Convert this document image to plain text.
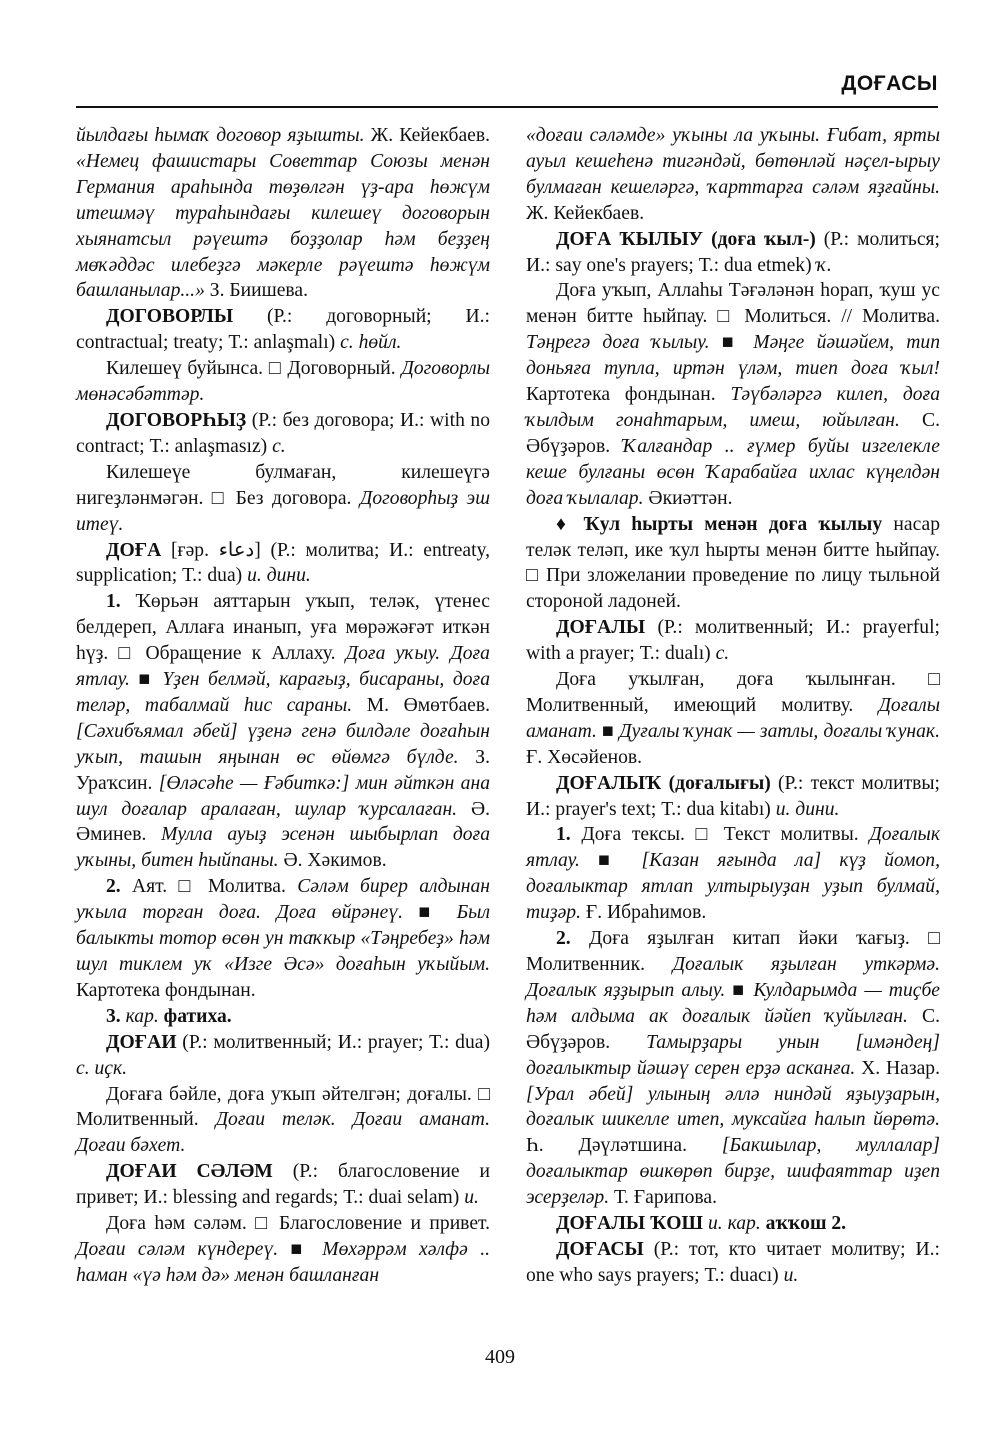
ДОҒАСЫ

йылдағы һымаҡ договор яҙышты. Ж. Кейекбаев. «Немец фашистары Советтар Союзы менән Германия араһында төҙөлгән үҙ-ара һөжүм итешмәү тураһындағы килешеү договорын хыянатсыл рәүештә боҙҙолар һәм беҙҙең мөҡәддәс илебеҙгә мәкерле рәүештә һөжүм башланылар...» З. Биишева.

ДОГОВОРЛЫ (Р.: договорный; И.: contractual; treaty; Т.: anlaşmalı) с. һөйл.

Килешеү буйынса. □ Договорный. Договорлы мөнәсәбәттәр.

ДОГОВОРҺЫҘ (Р.: без договора; И.: with no contract; Т.: anlaşmasız) с.

Килешеүе булмаған, килешеүгә нигеҙләнмәгән. □ Без договора. Договорһыҙ эш итеү.

ДОҒА [ғәр. دعاء] (Р.: молитва; И.: entreaty, supplication; Т.: dua) и. дини.

1. Ҡөрьән аяттарын уҡып, теләк, үтенес белдереп, Аллаға инанып, уға мөрәжәғәт иткән һүҙ. □ Обращение к Аллаху. Доға уҡыу. Доға ятлау. ■ Үҙен белмәй, карағыҙ, бисараны, доға теләр, табалмай һис сараны. М. Өмөтбаев. [Сәхибъямал әбей] үҙенә генә билдәле доғаһын уҡып, ташын яңынан өс өйөмгә бүлде. З. Ураҡсин. [Өләсәһе — Ғәбиткә:] мин әйткән ана шул доғалар аралаған, шулар ҡурсалаған. Ә. Әминев. Мулла ауыҙ эсенән шыбырлап доға уҡыны, битен һыйпаны. Ә. Хәкимов.

2. Аят. □ Молитва. Сәләм бирер алдынан уҡыла торған доға. Доға өйрәнеү. ■ Был балыкты тотор өсөн ун таҡкыр «Тәңребеҙ» һәм шул тиклем уҡ «Изге Әсә» доғаһын уҡыйым. Картотека фондынан.

3. кар. фатиха.

ДОҒАИ (Р.: молитвенный; И.: prayer; Т.: dua) с. иҫк.

Доғаға бәйле, доға уҡып әйтелгән; доғалы. □ Молитвенный. Доғаи теләк. Доғаи аманат. Доғаи бәхет.

ДОҒАИ СӘЛӘМ (Р.: благословение и привет; И.: blessing and regards; Т.: duai selam) и.

Доға һәм сәләм. □ Благословение и привет. Доғаи сәләм күндереү. ■ Мөхәррәм хәлфә .. һаман «үә һәм дә» менән башланған

«доғаи сәләмде» уҡыны ла уҡыны. Ғибат, ярты ауыл кешеһенә тигәндәй, бөтөнләй нәҫел-ырыу булмаған кешеләргә, ҡарттарға сәләм яҙғайны. Ж. Кейекбаев.

ДОҒА ҠЫЛЫУ (доға ҡыл-) (Р.: молиться; И.: say one's prayers; Т.: dua etmek) ҡ.

Доға уҡып, Аллаһы Тәғәләнән һорап, ҡуш ус менән битте һыйпау. □ Молиться. // Молитва. Тәңрегә доға ҡылыу. ■ Мәңге йәшәйем, тип доньяға тупла, иртән үләм, тиеп доға ҡыл! Картотека фондынан. Тәүбәләргә килеп, доға ҡылдым гонаһтарым, имеш, юйылған. С. Әбүҙәров. Ҡалғандар .. ғүмер буйы изгелекле кеше булғаны өсөн Ҡарабайға ихлас күңелдән доға ҡылалар. Әкиәттән.

♦ Ҡул һырты менән доға ҡылыу насар теләк теләп, ике ҡул һырты менән битте һыйпау. □ При зложелании проведение по лицу тыльной стороной ладоней.

ДОҒАЛЫ (Р.: молитвенный; И.: prayerful; with a prayer; Т.: dualı) с.

Доға уҡылған, доға ҡылынған. □ Молитвенный, имеющий молитву. Доғалы аманат. ■ Дуғалы ҡунак — затлы, доғалы ҡунак. Ғ. Хөсәйенов.

ДОҒАЛЫҠ (доғалығы) (Р.: текст молитвы; И.: prayer's text; Т.: dua kitabı) и. дини.

1. Доға тексы. □ Текст молитвы. Доғалык ятлау. ■ [Казан яғында ла] күҙ йомоп, доғалыктар ятлап ултырыуҙан уҙып булмай, тиҙәр. Ғ. Ибраһимов.

2. Доға яҙылған китап йәки ҡағыҙ. □ Молитвенник. Доғалык яҙылған уткәрмә. Доғалык яҙҙырып алыу. ■ Кулдарымда — тиҫбе һәм алдыма ак доғалык йәйеп ҡуйылған. С. Әбүҙәров. Тамырҙары унын [имәндең] доғалыктыр йәшәү серен ерҙә асканға. Х. Назар. [Урал әбей] улының әллә ниндәй яҙыуҙарын, доғалык шикелле итеп, муксайға һалып йөрөтә. Һ. Дәүләтшина. [Бакшылар, муллалар] доғалыктар өшкөрөп бирҙе, шифаяттар иҙеп эсерҙеләр. Т. Ғарипова.

ДОҒАЛЫ ҠОШ и. кар. аҡҡош 2.

ДОҒАСЫ (Р.: тот, кто читает молитву; И.: one who says prayers; Т.: duacı) и.

409
